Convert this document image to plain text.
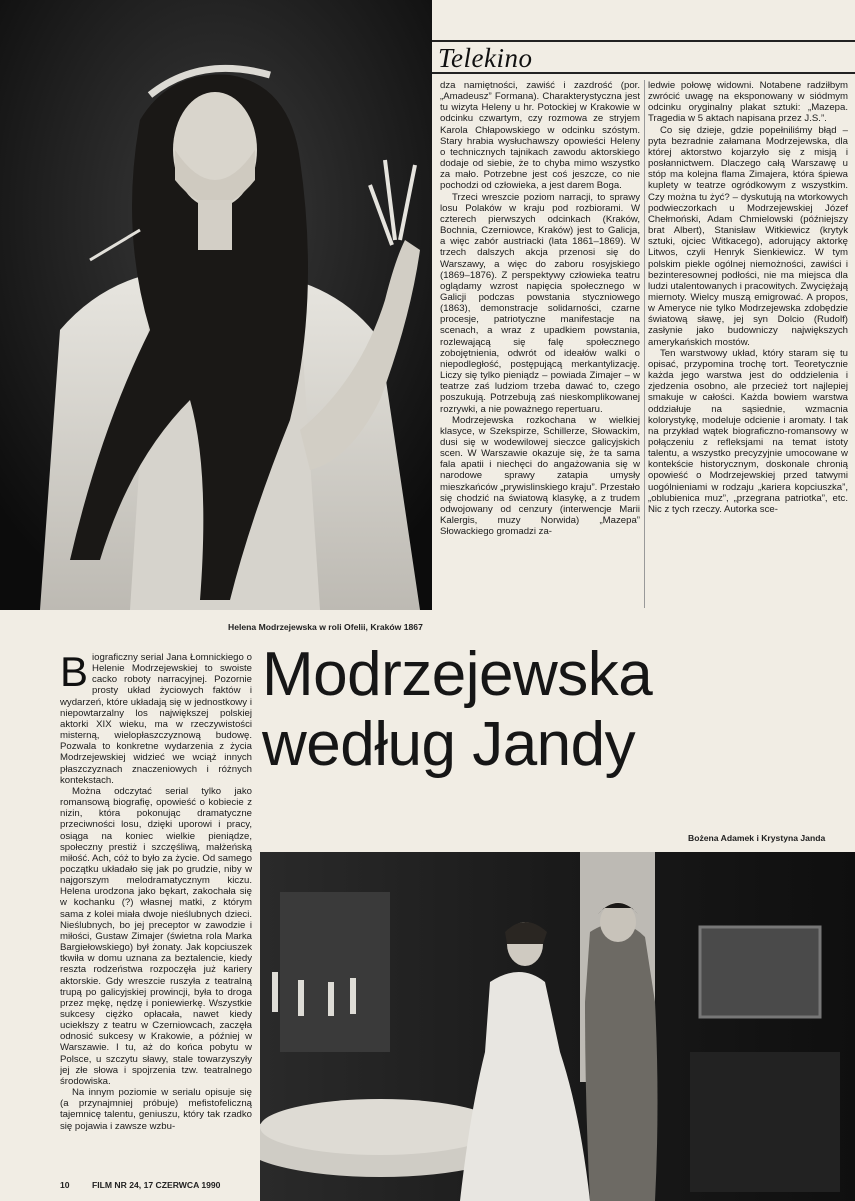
Telekino

dza namiętności, zawiść i zazdrość (por. „Amadeusz” Formana). Charakterystyczna jest tu wizyta Heleny u hr. Potockiej w Krakowie w odcinku czwartym, czy rozmowa ze stryjem Karola Chłapowskiego w odcinku szóstym. Stary hrabia wysłuchawszy opowieści Heleny o technicznych tajnikach zawodu aktorskiego dodaje od siebie, że to chyba mimo wszystko za mało. Potrzebne jest coś jeszcze, co nie pochodzi od człowieka, a jest darem Boga.

Trzeci wreszcie poziom narracji, to sprawy losu Polaków w kraju pod rozbiorami. W czterech pierwszych odcinkach (Kraków, Bochnia, Czerniowce, Kraków) jest to Galicja, a więc zabór austriacki (lata 1861–1869). W trzech dalszych akcja przenosi się do Warszawy, a więc do zaboru rosyjskiego (1869–1876). Z perspektywy człowieka teatru oglądamy wzrost napięcia społecznego w Galicji podczas powstania styczniowego (1863), demonstracje solidarności, czarne procesje, patriotyczne manifestacje na scenach, a wraz z upadkiem powstania, rozlewającą się falę społecznego zobojętnienia, odwrót od ideałów walki o niepodległość, postępującą merkantylizację. Liczy się tylko pieniądz – powiada Zimajer – w teatrze zaś ludziom trzeba dawać to, czego poszukują. Potrzebują zaś nieskomplikowanej rozrywki, a nie poważnego repertuaru.

Modrzejewska rozkochana w wielkiej klasyce, w Szekspirze, Schillerze, Słowackim, dusi się w wodewilowej sieczce galicyjskich scen. W Warszawie okazuje się, że ta sama fala apatii i niechęci do angażowania się w narodowe sprawy zatapia umysły mieszkańców „prywislinskiego kraju”. Przestało się chodzić na światową klasykę, a z trudem odwojowany od cenzury (interwencje Marii Kalergis, muzy Norwida) „Mazepa” Słowackiego gromadzi za-

ledwie połowę widowni. Notabene radziłbym zwrócić uwagę na eksponowany w siódmym odcinku oryginalny plakat sztuki: „Mazepa. Tragedia w 5 aktach napisana przez J.S.”.

Co się dzieje, gdzie popełniliśmy błąd – pyta bezradnie załamana Modrzejewska, dla której aktorstwo kojarzyło się z misją i posłannictwem. Dlaczego całą Warszawę u stóp ma kolejna flama Zimajera, która śpiewa kuplety w teatrze ogródkowym z wszystkim. Czy można tu żyć? – dyskutują na wtorkowych podwieczorkach u Modrzejewskiej Józef Chełmoński, Adam Chmielowski (późniejszy brat Albert), Stanisław Witkiewicz (krytyk sztuki, ojciec Witkacego), adorujący aktorkę Litwos, czyli Henryk Sienkiewicz. W tym polskim piekle ogólnej niemożności, zawiści i bezinteresownej podłości, nie ma miejsca dla ludzi utalentowanych i pracowitych. Zwyciężają miernoty. Wielcy muszą emigrować. A propos, w Ameryce nie tylko Modrzejewska zdobędzie światową sławę, jej syn Dolcio (Rudolf) zasłynie jako budowniczy największych amerykańskich mostów.

Ten warstwowy układ, który staram się tu opisać, przypomina trochę tort. Teoretycznie każda jego warstwa jest do oddzielenia i zjedzenia osobno, ale przecież tort najlepiej smakuje w całości. Każda bowiem warstwa oddziałuje na sąsiednie, wzmacnia kolorystykę, modeluje odcienie i aromaty. I tak na przykład wątek biograficzno-romansowy w połączeniu z refleksjami na temat istoty talentu, a wszystko precyzyjnie umocowane w kontekście historycznym, doskonale chronią opowieść o Modrzejewskiej przed tatwymi uogólnieniami w rodzaju „kariera kopciuszka”, „oblubienica muz”, „przegrana patriotka”, etc. Nic z tych rzeczy. Autorka sce-

Helena Modrzejewska w roli Ofelii, Kraków 1867

Biograficzny serial Jana Łomnickiego o Helenie Modrzejewskiej to swoiste cacko roboty narracyjnej. Pozornie prosty układ życiowych faktów i wydarzeń, które układają się w jednostkowy i niepowtarzalny los największej polskiej aktorki XIX wieku, ma w rzeczywistości misterną, wielopłaszczyznową budowę. Pozwala to konkretne wydarzenia z życia Modrzejewskiej widzieć we wciąż innych płaszczyznach znaczeniowych i różnych kontekstach.

Można odczytać serial tylko jako romansową biografię, opowieść o kobiecie z nizin, która pokonując dramatyczne przeciwności losu, dzięki uporowi i pracy, osiąga na koniec wielkie pieniądze, społeczny prestiż i szczęśliwą, małżeńską miłość. Ach, cóż to było za życie. Od samego początku układało się jak po grudzie, niby w najgorszym melodramatycznym kiczu. Helena urodzona jako bękart, zakochała się w kochanku (?) własnej matki, z którym sama z kolei miała dwoje nieślubnych dzieci. Nieślubnych, bo jej preceptor w zawodzie i miłości, Gustaw Zimajer (świetna rola Marka Bargiełowskiego) był żonaty. Jak kopciuszek tkwiła w domu uznana za beztalencie, kiedy reszta rodzeństwa rozpoczęła już kariery aktorskie. Gdy wreszcie ruszyła z teatralną trupą po galicyjskiej prowincji, była to droga przez mękę, nędzę i poniewierkę. Wszystkie sukcesy ciężko opłacała, nawet kiedy uciekłszy z teatru w Czerniowcach, zaczęła odnosić sukcesy w Krakowie, a później w Warszawie. I tu, aż do końca pobytu w Polsce, u szczytu sławy, stale towarzyszyły jej złe słowa i spojrzenia tzw. teatralnego środowiska.

Na innym poziomie w serialu opisuje się (a przynajmniej próbuje) mefistofeliczną tajemnicę talentu, geniuszu, który tak rzadko się pojawia i zawsze wzbu-

Modrzejewska
według Jandy
Bożena Adamek i Krystyna Janda
10	FILM NR 24, 17 CZERWCA 1990
